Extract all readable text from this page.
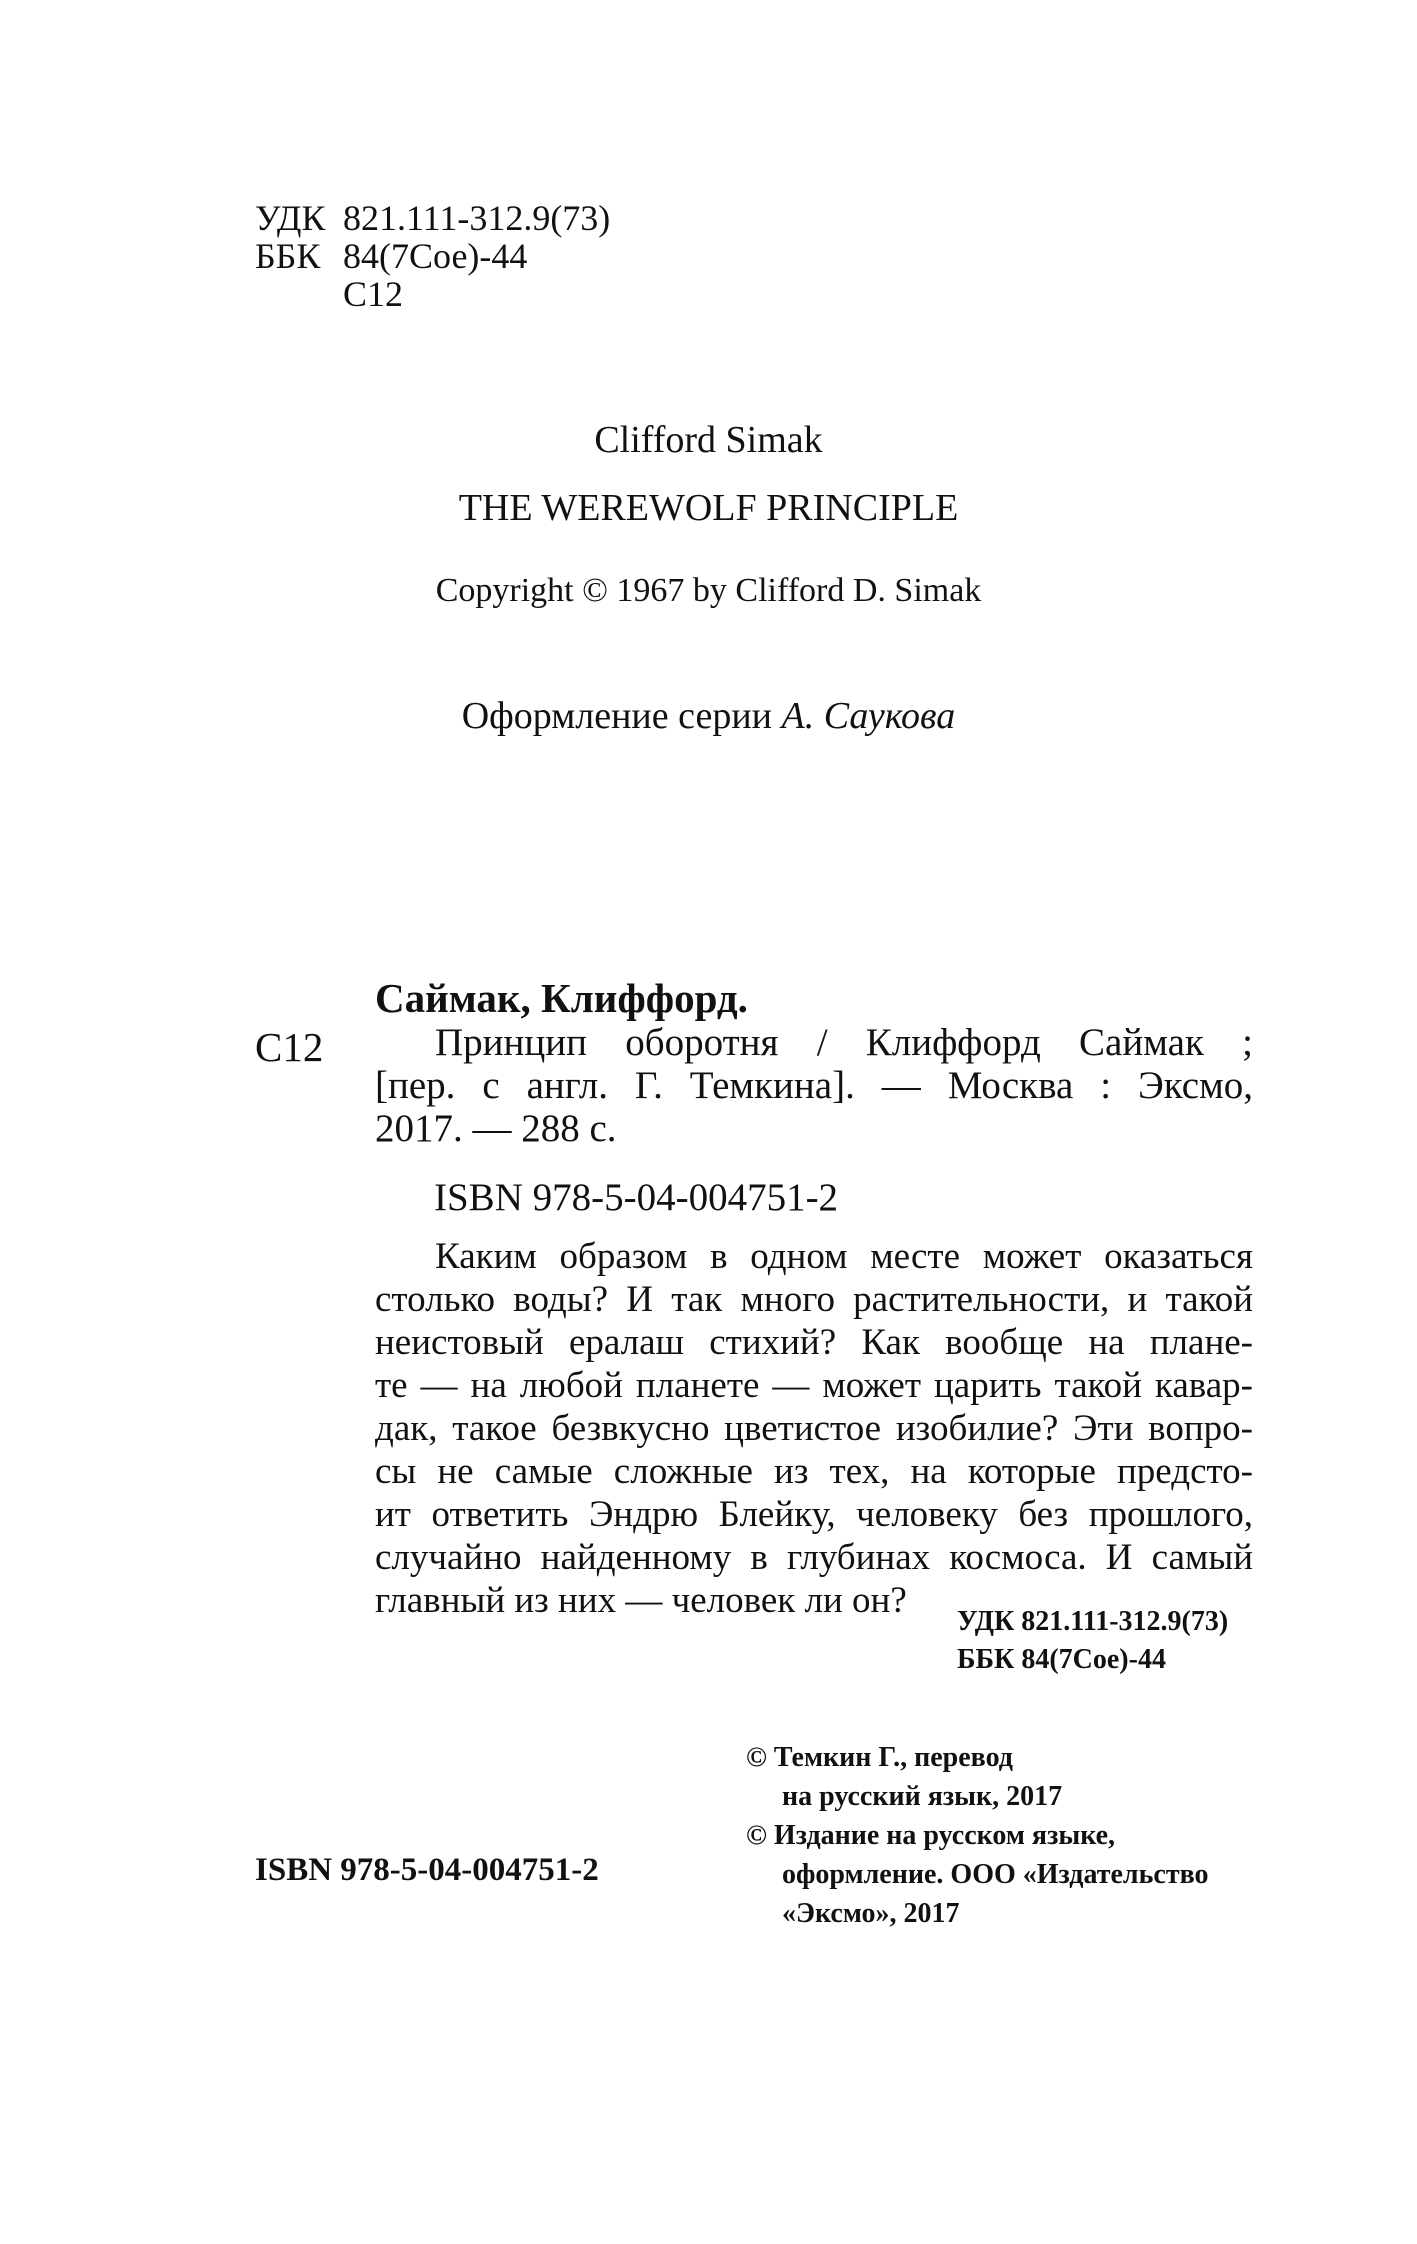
УДК 821.111-312.9(73)
ББК 84(7Сое)-44
С12
Clifford Simak
THE WEREWOLF PRINCIPLE
Copyright © 1967 by Clifford D. Simak
Оформление серии А. Саукова
Саймак, Клиффорд.
С12	Принцип оборотня / Клиффорд Саймак ;
[пер. с англ. Г. Темкина]. — Москва : Эксмо,
2017. — 288 с.
ISBN 978-5-04-004751-2
Каким образом в одном месте может оказаться
столько воды? И так много растительности, и такой
неистовый ералаш стихий? Как вообще на плане-
те — на любой планете — может царить такой кавар-
дак, такое безвкусно цветистое изобилие? Эти вопро-
сы не самые сложные из тех, на которые предсто-
ит ответить Эндрю Блейку, человеку без прошлого,
случайно найденному в глубинах космоса. И самый
главный из них — человек ли он?
УДК 821.111-312.9(73)
ББК 84(7Сое)-44
ISBN 978-5-04-004751-2
© Темкин Г., перевод
на русский язык, 2017
© Издание на русском языке,
оформление. ООО «Издательство
«Эксмо», 2017
